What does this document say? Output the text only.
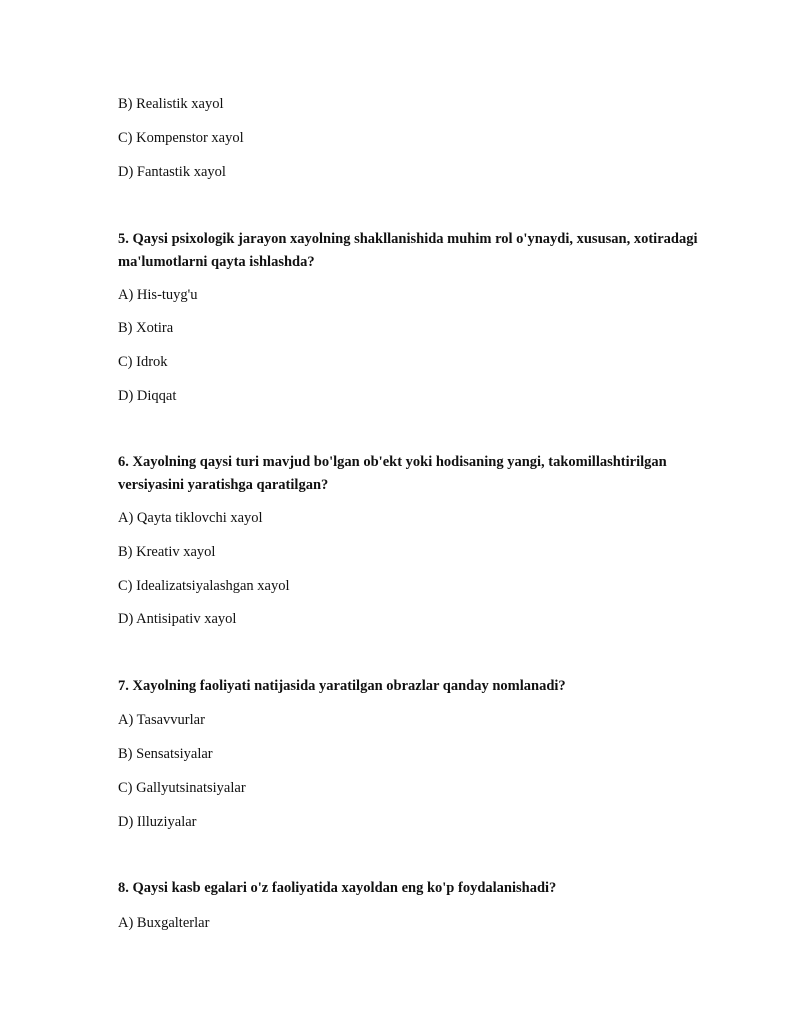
B) Realistik xayol
C) Kompenstor xayol
D) Fantastik xayol
5. Qaysi psixologik jarayon xayolning shakllanishida muhim rol o'ynaydi, xususan, xotiradagi ma'lumotlarni qayta ishlashda?
A) His-tuyg'u
B) Xotira
C) Idrok
D) Diqqat
6. Xayolning qaysi turi mavjud bo'lgan ob'ekt yoki hodisaning yangi, takomillashtirilgan versiyasini yaratishga qaratilgan?
A) Qayta tiklovchi xayol
B) Kreativ xayol
C) Idealizatsiyalashgan xayol
D) Antisipativ xayol
7. Xayolning faoliyati natijasida yaratilgan obrazlar qanday nomlanadi?
A) Tasavvurlar
B) Sensatsiyalar
C) Gallyutsinatsiyalar
D) Illuziyalar
8. Qaysi kasb egalari o'z faoliyatida xayoldan eng ko'p foydalanishadi?
A) Buxgalterlar
